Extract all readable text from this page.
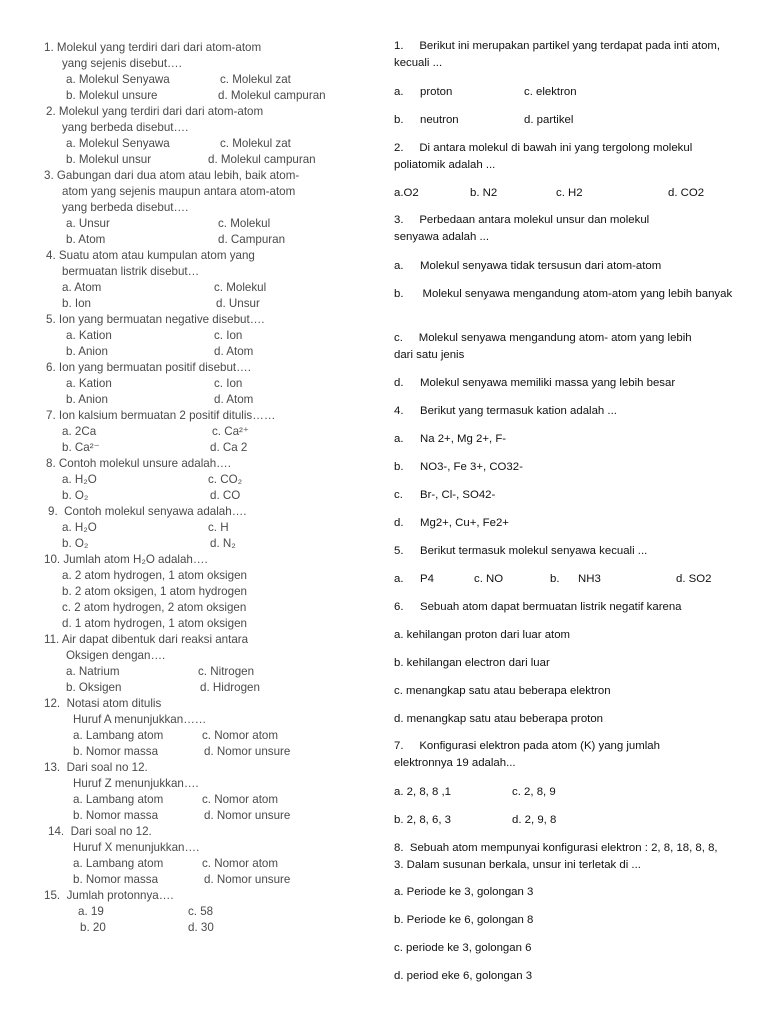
1. Molekul yang terdiri dari dari atom-atom
yang sejenis disebut….
a. Molekul Senyawa	c. Molekul zat
b. Molekul unsure	d. Molekul campuran
2. Molekul yang terdiri dari dari atom-atom
yang berbeda disebut….
a. Molekul Senyawa	c. Molekul zat
b. Molekul unsur	d. Molekul campuran
3. Gabungan dari dua atom atau lebih, baik atom-
atom yang sejenis maupun antara atom-atom
yang berbeda disebut….
a. Unsur	c. Molekul
b. Atom	d. Campuran
4. Suatu atom atau kumpulan atom yang
bermuatan listrik disebut…
a. Atom	c. Molekul
b. Ion	d. Unsur
5. Ion yang bermuatan negative disebut….
a. Kation	c. Ion
b. Anion	d. Atom
6. Ion yang bermuatan positif disebut….
a. Kation	c. Ion
b. Anion	d. Atom
7. Ion kalsium bermuatan 2 positif ditulis……
a. 2Ca	c. Ca²⁺
b. Ca²⁻	d. Ca 2
8. Contoh molekul unsure adalah….
a. H₂O	c. CO₂
b. O₂	d. CO
9. Contoh molekul senyawa adalah….
a. H₂O	c. H
b. O₂	d. N₂
10. Jumlah atom H₂O adalah….
a. 2 atom hydrogen, 1 atom oksigen
b. 2 atom oksigen, 1 atom hydrogen
c. 2 atom hydrogen, 2 atom oksigen
d. 1 atom hydrogen, 1 atom oksigen
11. Air dapat dibentuk dari reaksi antara
Oksigen dengan….
a. Natrium	c. Nitrogen
b. Oksigen	d. Hidrogen
12. Notasi atom ditulis
Huruf A menunjukkan……
a. Lambang atom	c. Nomor atom
b. Nomor massa	d. Nomor unsure
13. Dari soal no 12.
Huruf Z menunjukkan….
a. Lambang atom	c. Nomor atom
b. Nomor massa	d. Nomor unsure
14. Dari soal no 12.
Huruf X menunjukkan….
a. Lambang atom	c. Nomor atom
b. Nomor massa	d. Nomor unsure
15. Jumlah protonnya….
a. 19	c. 58
b. 20	d. 30
1. Berikut ini merupakan partikel yang terdapat pada inti atom, kecuali ...
a. proton	c. elektron
b. neutron	d. partikel
2. Di antara molekul di bawah ini yang tergolong molekul poliatomik adalah ...
a.O2	b. N2	c. H2	d. CO2
3. Perbedaan antara molekul unsur dan molekul senyawa adalah ...
a. Molekul senyawa tidak tersusun dari atom-atom
b. Molekul senyawa mengandung atom-atom yang lebih banyak
c. Molekul senyawa mengandung atom- atom yang lebih dari satu jenis
d. Molekul senyawa memiliki massa yang lebih besar
4. Berikut yang termasuk kation adalah ...
a. Na 2+, Mg 2+, F-
b. NO3-, Fe 3+, CO32-
c. Br-, Cl-, SO42-
d. Mg2+, Cu+, Fe2+
5. Berikut termasuk molekul senyawa kecuali ...
a. P4	c. NO	b. NH3	d. SO2
6. Sebuah atom dapat bermuatan listrik negatif karena
a. kehilangan proton dari luar atom
b. kehilangan electron dari luar
c. menangkap satu atau beberapa elektron
d. menangkap satu atau beberapa proton
7. Konfigurasi elektron pada atom (K) yang jumlah elektronnya 19 adalah...
a. 2, 8, 8 ,1	c. 2, 8, 9
b. 2, 8, 6, 3	d. 2, 9, 8
8. Sebuah atom mempunyai konfigurasi elektron : 2, 8, 18, 8, 8, 3. Dalam susunan berkala, unsur ini terletak di ...
a. Periode ke 3, golongan 3
b. Periode ke 6, golongan 8
c. periode ke 3, golongan 6
d. period eke 6, golongan 3
